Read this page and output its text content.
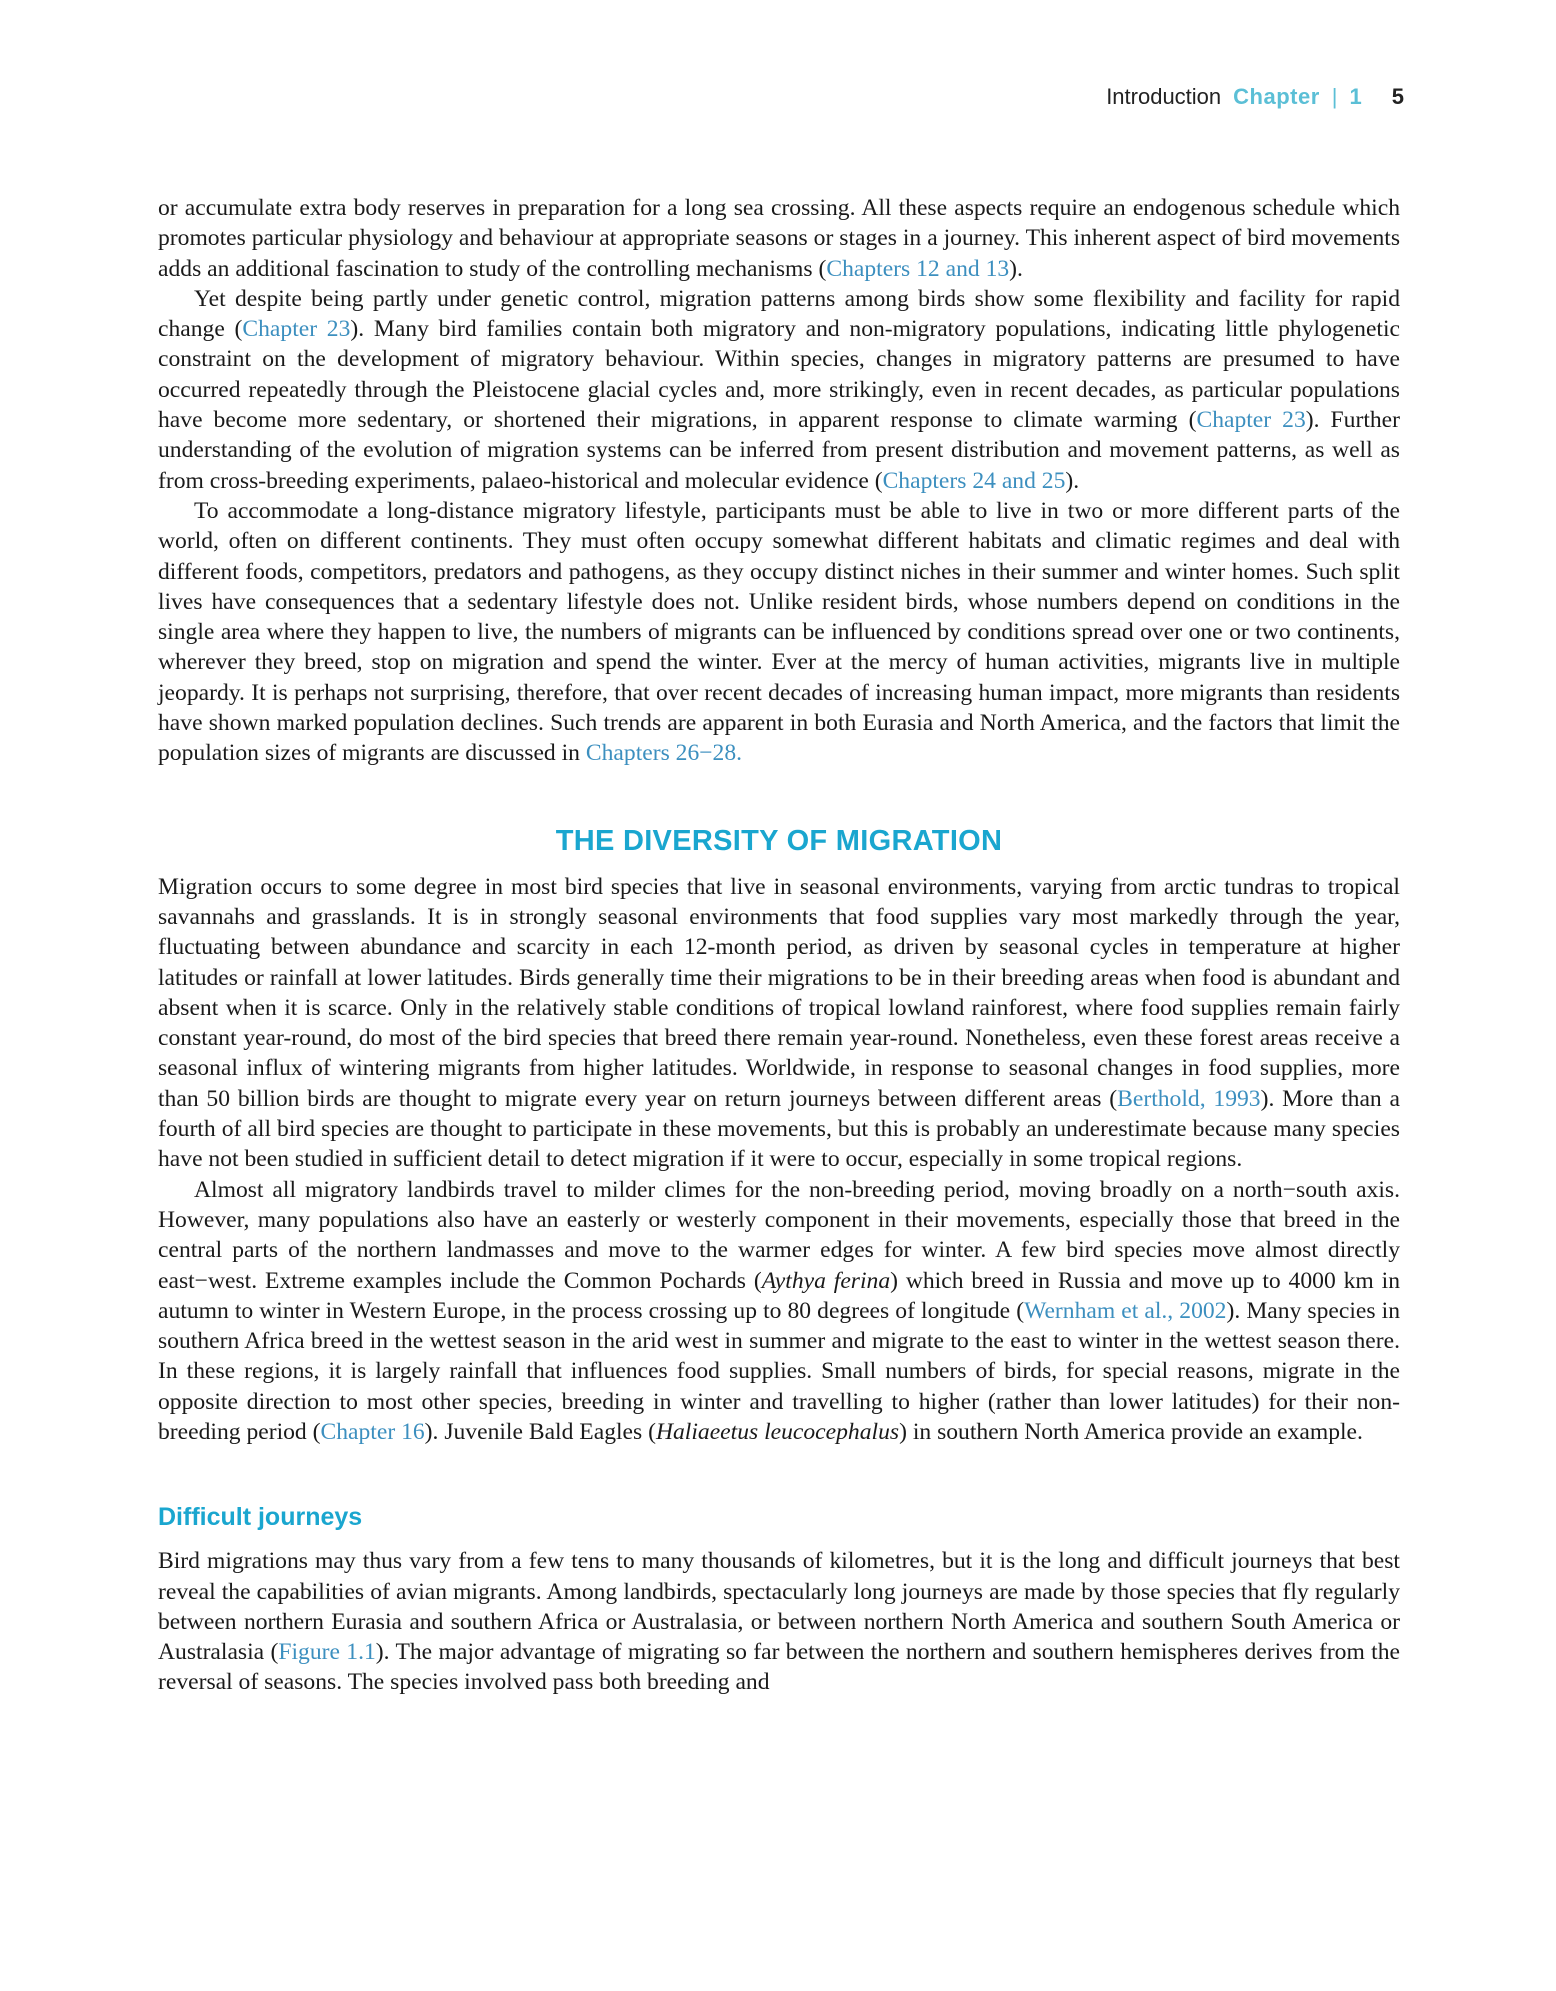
Introduction Chapter | 1 5

or accumulate extra body reserves in preparation for a long sea crossing. All these aspects require an endogenous schedule which promotes particular physiology and behaviour at appropriate seasons or stages in a journey. This inherent aspect of bird movements adds an additional fascination to study of the controlling mechanisms (Chapters 12 and 13).

Yet despite being partly under genetic control, migration patterns among birds show some flexibility and facility for rapid change (Chapter 23). Many bird families contain both migratory and non-migratory populations, indicating little phylogenetic constraint on the development of migratory behaviour. Within species, changes in migratory patterns are presumed to have occurred repeatedly through the Pleistocene glacial cycles and, more strikingly, even in recent decades, as particular populations have become more sedentary, or shortened their migrations, in apparent response to climate warming (Chapter 23). Further understanding of the evolution of migration systems can be inferred from present distribution and movement patterns, as well as from cross-breeding experiments, palaeo-historical and molecular evidence (Chapters 24 and 25).

To accommodate a long-distance migratory lifestyle, participants must be able to live in two or more different parts of the world, often on different continents. They must often occupy somewhat different habitats and climatic regimes and deal with different foods, competitors, predators and pathogens, as they occupy distinct niches in their summer and winter homes. Such split lives have consequences that a sedentary lifestyle does not. Unlike resident birds, whose numbers depend on conditions in the single area where they happen to live, the numbers of migrants can be influenced by conditions spread over one or two continents, wherever they breed, stop on migration and spend the winter. Ever at the mercy of human activities, migrants live in multiple jeopardy. It is perhaps not surprising, therefore, that over recent decades of increasing human impact, more migrants than residents have shown marked population declines. Such trends are apparent in both Eurasia and North America, and the factors that limit the population sizes of migrants are discussed in Chapters 26−28.

THE DIVERSITY OF MIGRATION

Migration occurs to some degree in most bird species that live in seasonal environments, varying from arctic tundras to tropical savannahs and grasslands. It is in strongly seasonal environments that food supplies vary most markedly through the year, fluctuating between abundance and scarcity in each 12-month period, as driven by seasonal cycles in temperature at higher latitudes or rainfall at lower latitudes. Birds generally time their migrations to be in their breeding areas when food is abundant and absent when it is scarce. Only in the relatively stable conditions of tropical lowland rainforest, where food supplies remain fairly constant year-round, do most of the bird species that breed there remain year-round. Nonetheless, even these forest areas receive a seasonal influx of wintering migrants from higher latitudes. Worldwide, in response to seasonal changes in food supplies, more than 50 billion birds are thought to migrate every year on return journeys between different areas (Berthold, 1993). More than a fourth of all bird species are thought to participate in these movements, but this is probably an underestimate because many species have not been studied in sufficient detail to detect migration if it were to occur, especially in some tropical regions.

Almost all migratory landbirds travel to milder climes for the non-breeding period, moving broadly on a north−south axis. However, many populations also have an easterly or westerly component in their movements, especially those that breed in the central parts of the northern landmasses and move to the warmer edges for winter. A few bird species move almost directly east−west. Extreme examples include the Common Pochards (Aythya ferina) which breed in Russia and move up to 4000 km in autumn to winter in Western Europe, in the process crossing up to 80 degrees of longitude (Wernham et al., 2002). Many species in southern Africa breed in the wettest season in the arid west in summer and migrate to the east to winter in the wettest season there. In these regions, it is largely rainfall that influences food supplies. Small numbers of birds, for special reasons, migrate in the opposite direction to most other species, breeding in winter and travelling to higher (rather than lower latitudes) for their non-breeding period (Chapter 16). Juvenile Bald Eagles (Haliaeetus leucocephalus) in southern North America provide an example.

Difficult journeys

Bird migrations may thus vary from a few tens to many thousands of kilometres, but it is the long and difficult journeys that best reveal the capabilities of avian migrants. Among landbirds, spectacularly long journeys are made by those species that fly regularly between northern Eurasia and southern Africa or Australasia, or between northern North America and southern South America or Australasia (Figure 1.1). The major advantage of migrating so far between the northern and southern hemispheres derives from the reversal of seasons. The species involved pass both breeding and
